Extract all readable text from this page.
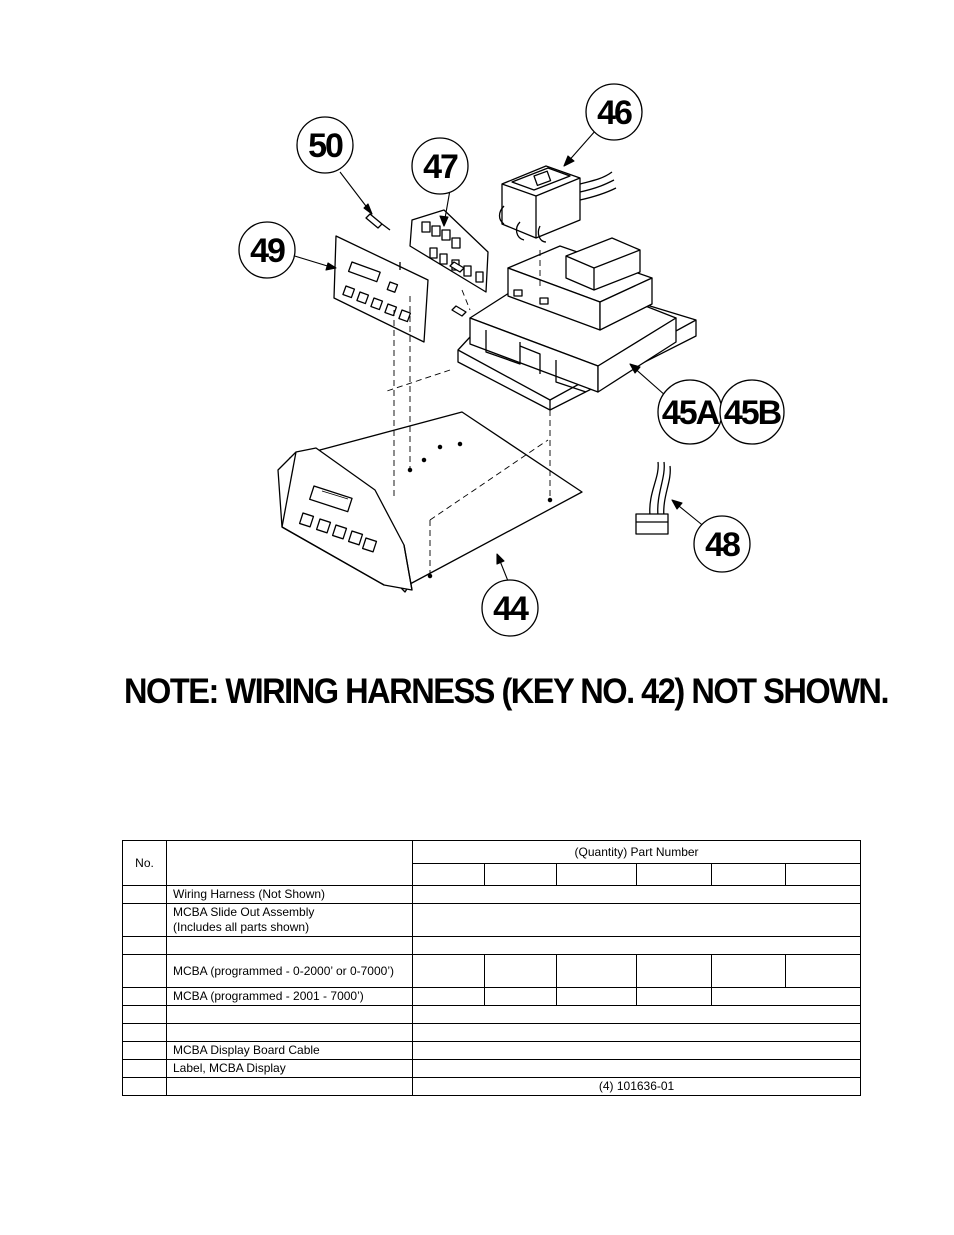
50
47
46
49
45A 45B
48
44

NOTE: WIRING HARNESS (KEY NO. 42) NOT SHOWN.

No.		(Quantity) Part Number					

	Wiring Harness (Not Shown)						

	MCBA Slide Out Assembly
(Includes all parts shown)						

	MCBA (programmed - 0-2000’ or 0-7000’)						
	MCBA (programmed - 2001 - 7000’)						

	MCBA Display Board Cable						
	Label, MCBA Display						
		(4) 101636-01					
